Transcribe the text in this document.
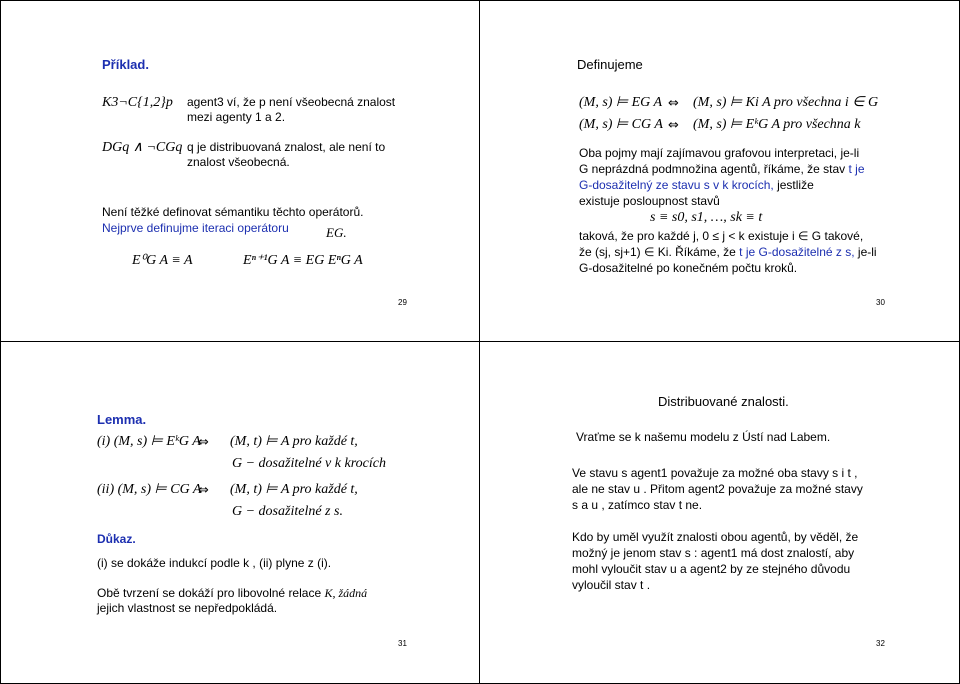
Příklad.
K3¬C{1,2}p agent3 ví, že p není všeobecná znalost mezi agenty 1 a 2.
DGq ∧ ¬CGq q je distribuovaná znalost, ale není to znalost všeobecná.
Není těžké definovat sémantiku těchto operátorů.
Nejprve definujme iteraci operátoru	EG.
E⁰G A ≡ A	Eⁿ⁺¹G A ≡ EG EⁿG A
29
Definujeme
(M, s) ⊨ EG A ⇔ (M, s) ⊨ Ki A pro všechna i ∈ G
(M, s) ⊨ CG A ⇔ (M, s) ⊨ EᵏG A pro všechna k
Oba pojmy mají zajímavou grafovou interpretaci, je-li
G neprázdná podmnožina agentů, říkáme, že stav t je
G-dosažitelný ze stavu s v k krocích, jestliže
existuje posloupnost stavů
s ≡ s0, s1, …, sk ≡ t
taková, že pro každé j, 0 ≤ j < k existuje i ∈ G takové,
že (sj, sj+1) ∈ Ki. Říkáme, že t je G-dosažitelné z s, je-li
G-dosažitelné po konečném počtu kroků.
30
Lemma.
(i) (M, s) ⊨ EᵏG A
⇔ (M, t) ⊨ A pro každé t,
G − dosažitelné v k krocích
(ii) (M, s) ⊨ CG A
⇔ (M, t) ⊨ A pro každé t,
G − dosažitelné z s.
Důkaz.
(i) se dokáže indukcí podle k , (ii) plyne z (i).
Obě tvrzení se dokáží pro libovolné relace K, žádná
jejich vlastnost se nepředpokládá.
31
Distribuované znalosti.
Vraťme se k našemu modelu z Ústí nad Labem.
Ve stavu s agent1 považuje za možné oba stavy s i t ,
ale ne stav u . Přitom agent2 považuje za možné stavy
s a u , zatímco stav t ne.
Kdo by uměl využít znalosti obou agentů, by věděl, že
možný je jenom stav s : agent1 má dost znalostí, aby
mohl vyloučit stav u a agent2 by ze stejného důvodu
vyloučil stav t .
32
